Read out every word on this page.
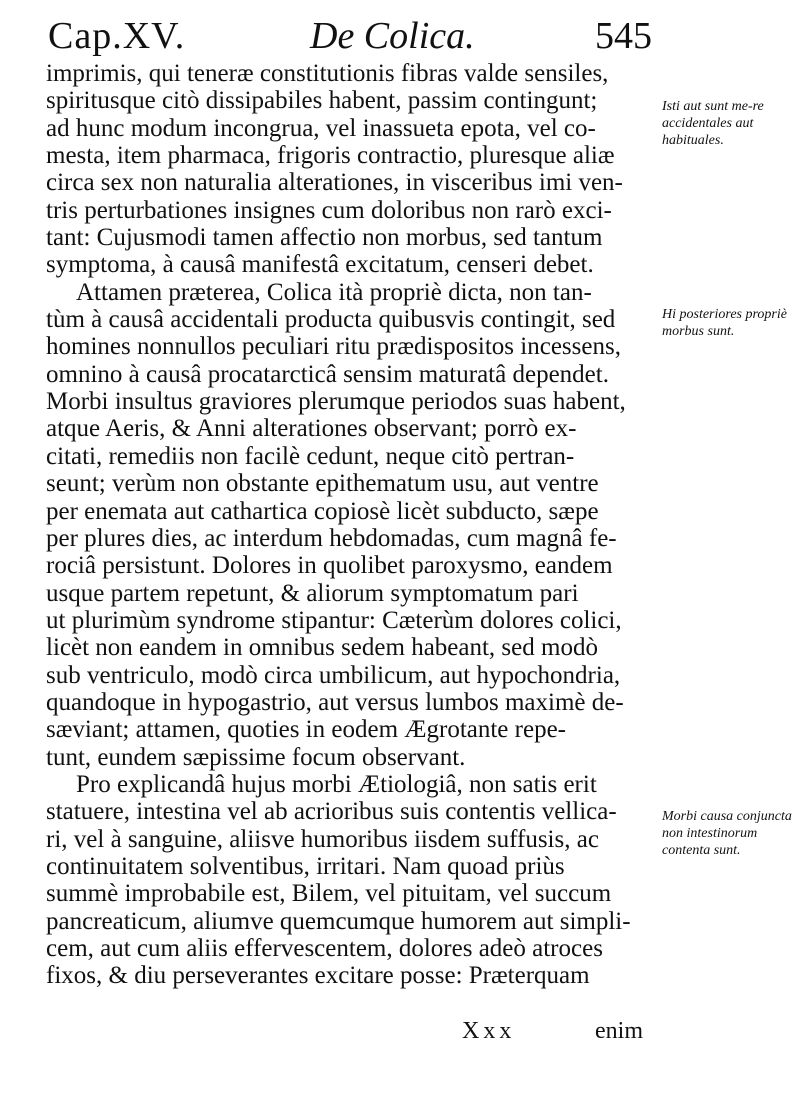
Cap.XV.	De Colica.	545
imprimis, qui teneræ constitutionis fibras valde sensiles,
spiritusque citò dissipabiles habent, passim contingunt;
ad hunc modum incongrua, vel inassueta epota, vel co-
mesta, item pharmaca, frigoris contractio, pluresque aliæ
circa sex non naturalia alterationes, in visceribus imi ven-
tris perturbationes insignes cum doloribus non rarò exci-
tant: Cujusmodi tamen affectio non morbus, sed tantum
symptoma, à causâ manifestâ excitatum, censeri debet.
Attamen præterea, Colica ità propriè dicta, non tan-
tùm à causâ accidentali producta quibusvis contingit, sed
homines nonnullos peculiari ritu prædispositos incessens,
omnino à causâ procatarcticâ sensim maturatâ dependet.
Morbi insultus graviores plerumque periodos suas habent,
atque Aeris, & Anni alterationes observant; porrò ex-
citati, remediis non facilè cedunt, neque citò pertran-
seunt; verùm non obstante epithematum usu, aut ventre
per enemata aut cathartica copiosè licèt subducto, sæpe
per plures dies, ac interdum hebdomadas, cum magnâ fe-
rociâ persistunt. Dolores in quolibet paroxysmo, eandem
usque partem repetunt, & aliorum symptomatum pari
ut plurimùm syndrome stipantur: Cæterùm dolores colici,
licèt non eandem in omnibus sedem habeant, sed modò
sub ventriculo, modò circa umbilicum, aut hypochondria,
quandoque in hypogastrio, aut versus lumbos maximè de-
sæviant; attamen, quoties in eodem Ægrotante repe-
tunt, eundem sæpissime focum observant.
Pro explicandâ hujus morbi Ætiologiâ, non satis erit
statuere, intestina vel ab acrioribus suis contentis vellica-
ri, vel à sanguine, aliisve humoribus iisdem suffusis, ac
continuitatem solventibus, irritari. Nam quoad priùs
summè improbabile est, Bilem, vel pituitam, vel succum
pancreaticum, aliumve quemcumque humorem aut simpli-
cem, aut cum aliis effervescentem, dolores adeò atroces
fixos, & diu perseverantes excitare posse: Præterquam
Isti aut sunt me-re accidentales aut habituales.
Hi posteriores propriè morbus sunt.
Morbi causa conjuncta non intestinorum contenta sunt.
Xxx	enim
